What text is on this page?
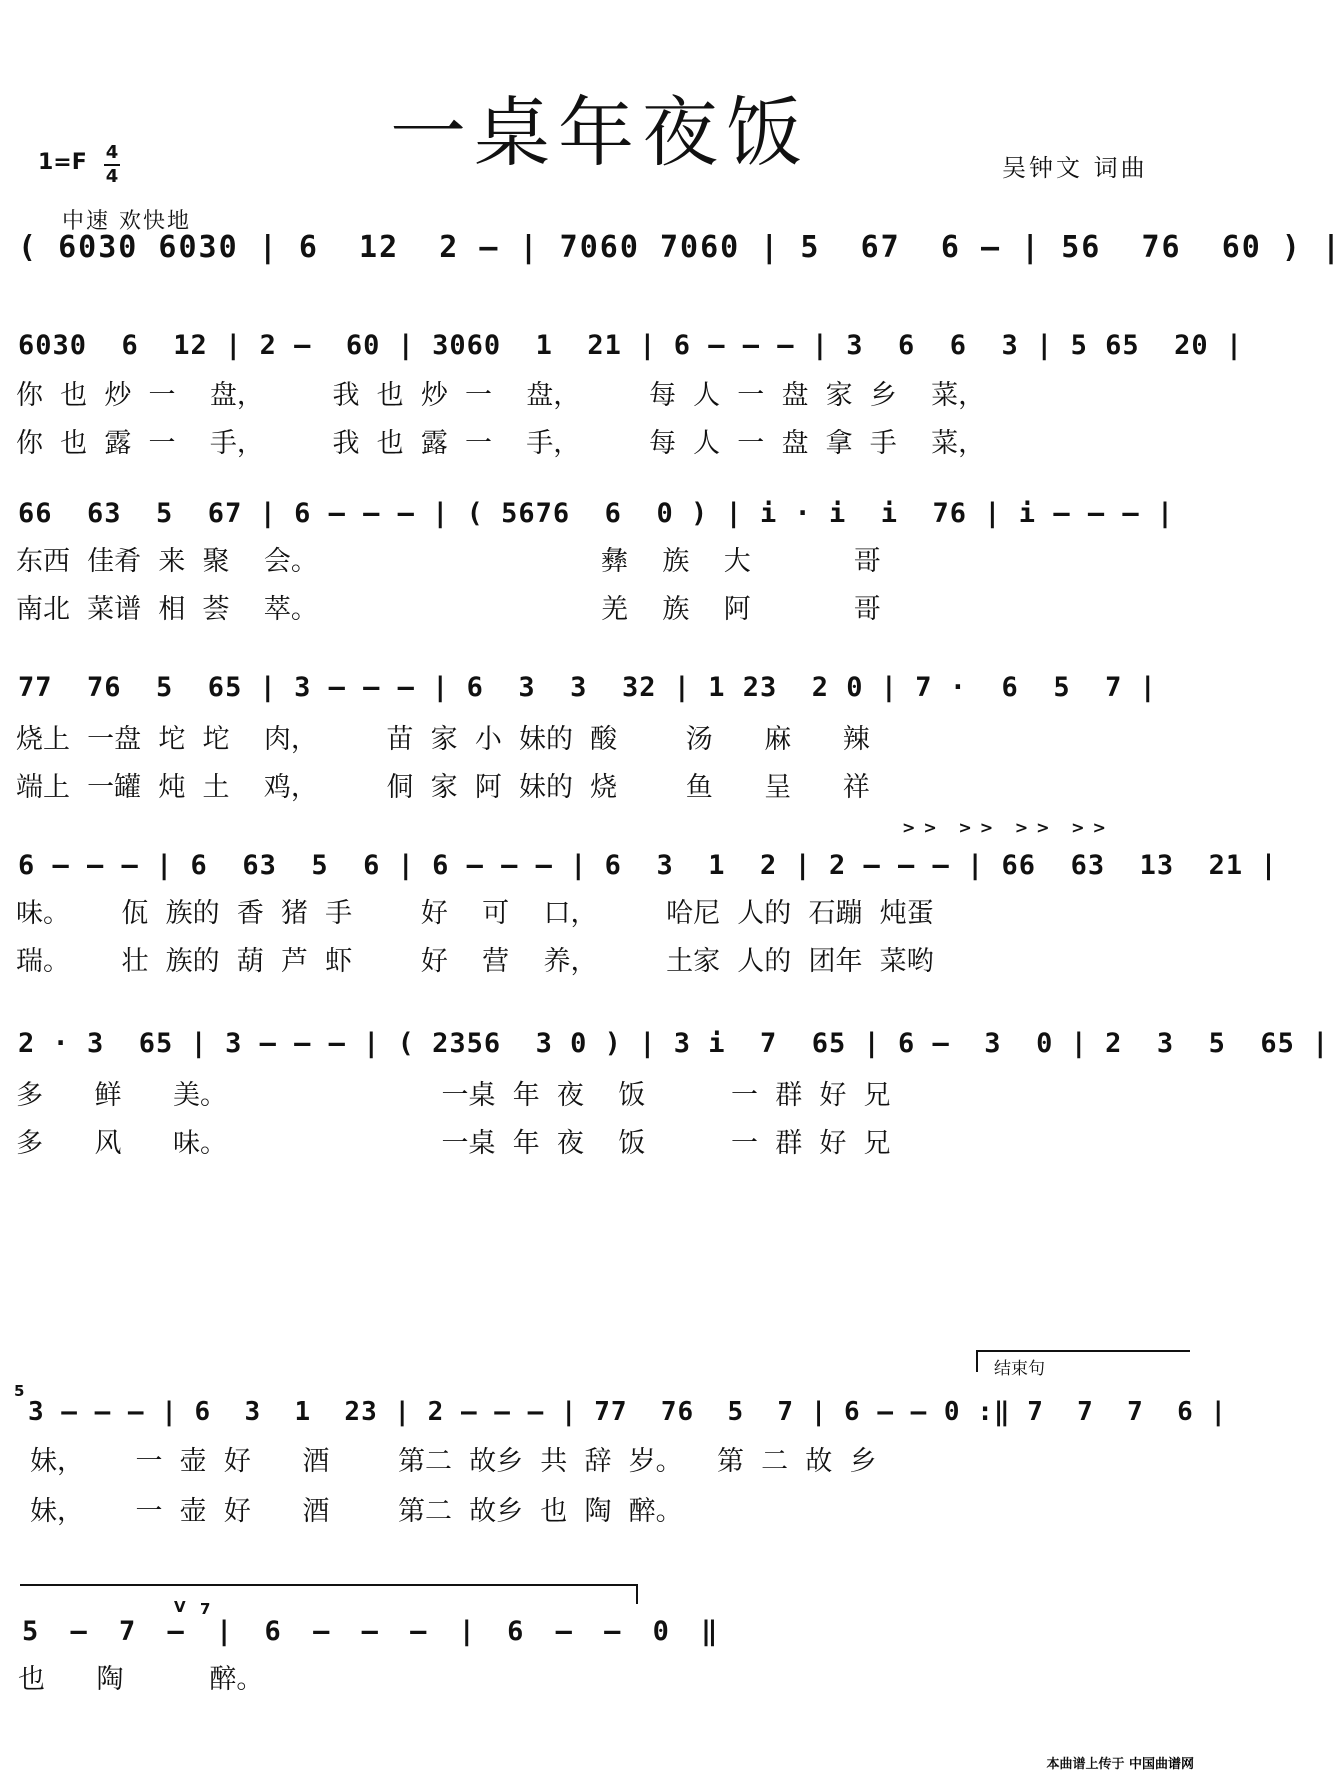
一桌年夜饭
1=F 4
4
中速 欢快地
吴钟文 词曲
( 6030 6030 | 6  12  2 – | 7060 7060 | 5  67  6 – | 56  76  60 ) |
6030  6  12 | 2 –  60 | 3060  1  21 | 6 – – – | 3  6  6  3 | 5 65  20 |
你  也  炒  一    盘，        我  也  炒  一    盘，        每  人  一  盘  家  乡    菜，
你  也  露  一    手，        我  也  露  一    手，        每  人  一  盘  拿  手    菜，
66  63  5  67 | 6 – – – | ( 5676  6  0 ) | i · i  i  76 | i – – – |
东西  佳肴  来  聚    会。                                 彝    族    大            哥
南北  菜谱  相  荟    萃。                                 羌    族    阿            哥
77  76  5  65 | 3 – – – | 6  3  3  32 | 1 23  2 0 | 7 ·  6  5  7 |
烧上  一盘  坨  坨    肉，        苗  家  小  妹的  酸        汤      麻      辣
端上  一罐  炖  土    鸡，        侗  家  阿  妹的  烧        鱼      呈      祥
>> >> >> >>
6 – – – | 6  63  5  6 | 6 – – – | 6  3  1  2 | 2 – – – | 66  63  13  21 |
味。      佤  族的  香  猪  手        好    可    口，        哈尼  人的  石蹦  炖蛋
瑞。      壮  族的  葫  芦  虾        好    营    养，        土家  人的  团年  菜哟
2 · 3  65 | 3 – – – | ( 2356  3 0 ) | 3 i  7  65 | 6 –  3  0 | 2  3  5  65 |
多      鲜      美。                         一桌  年  夜    饭          一  群  好  兄
多      风      味。                         一桌  年  夜    饭          一  群  好  兄
结束句
5
3 – – – | 6  3  1  23 | 2 – – – | 77  76  5  7 | 6 – – 0 :‖ 7  7  7  6 |
妹，      一  壶  好      酒        第二  故乡  共  辞  岁。    第  二  故  乡
妹，      一  壶  好      酒        第二  故乡  也  陶  醉。
7
V
5 – 7 – | 6 – – – | 6 – – 0 ‖
也      陶          醉。
本曲谱上传于 中国曲谱网
